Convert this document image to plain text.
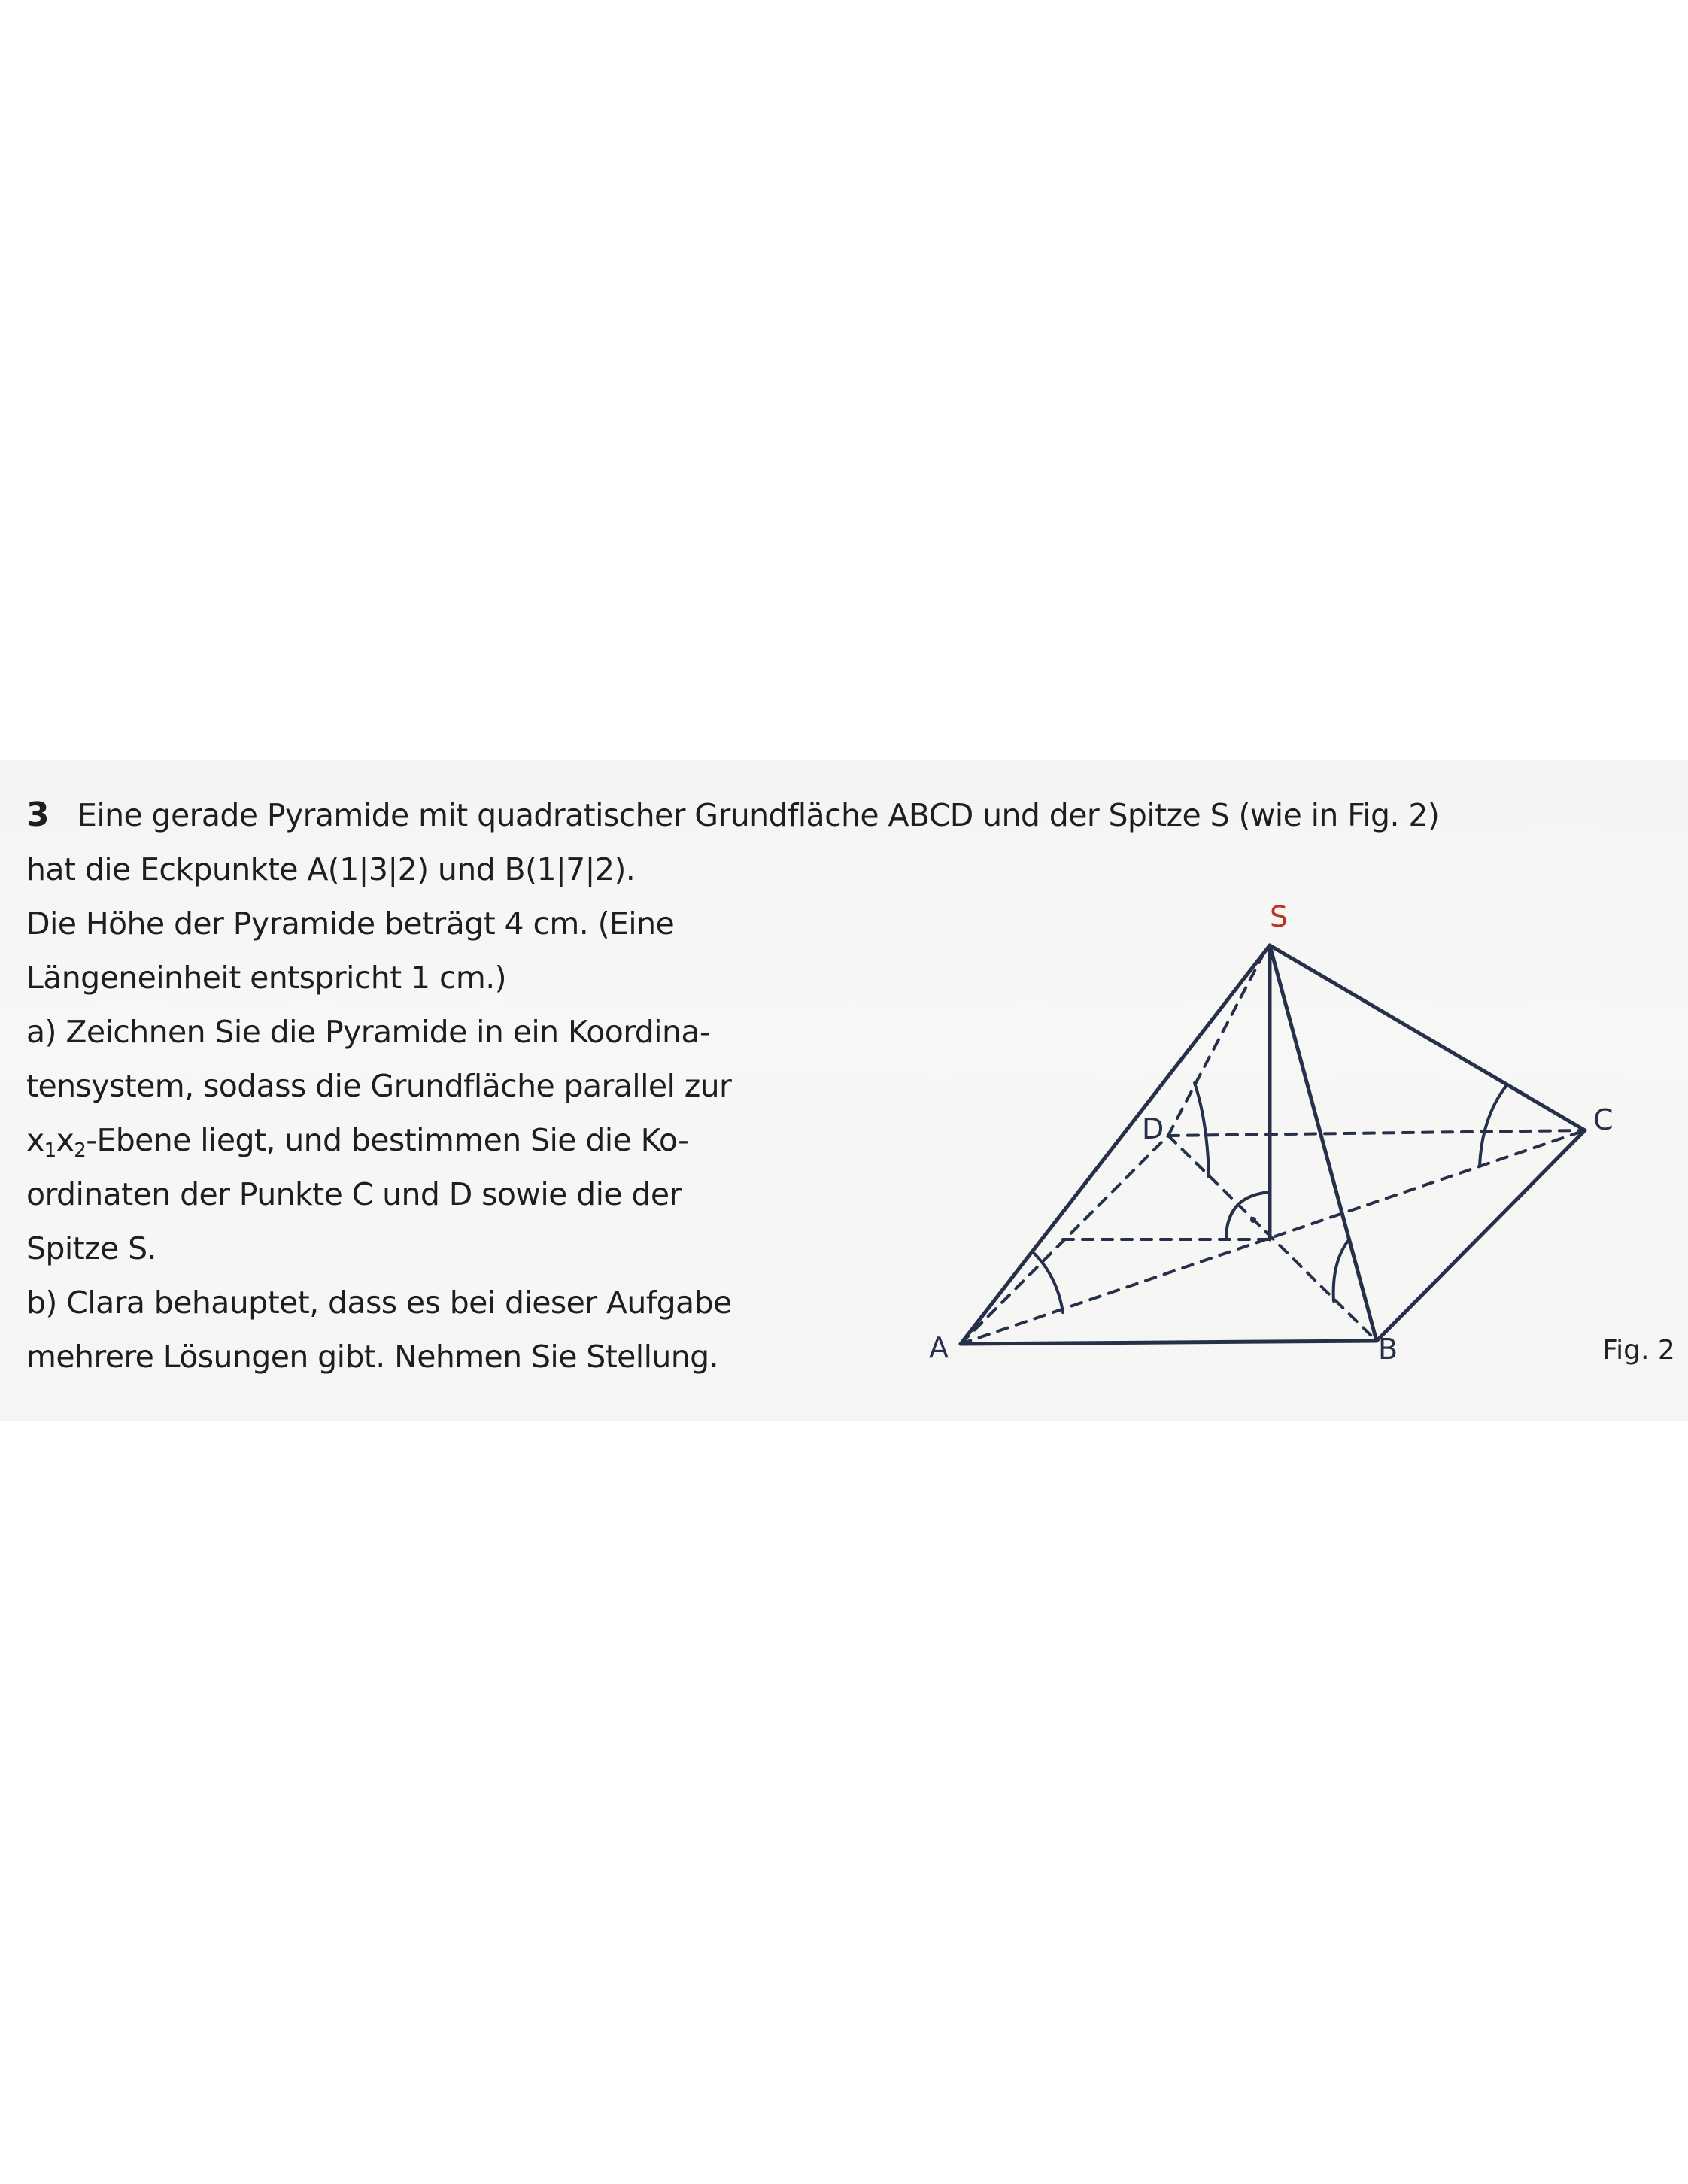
3 Eine gerade Pyramide mit quadratischer Grundfläche ABCD und der Spitze S (wie in Fig. 2)
hat die Eckpunkte A(1|3|2) und B(1|7|2).
Die Höhe der Pyramide beträgt 4 cm. (Eine
Längeneinheit entspricht 1 cm.)
a) Zeichnen Sie die Pyramide in ein Koordina-
tensystem, sodass die Grundfläche parallel zur
$x_1x_2$-Ebene liegt, und bestimmen Sie die Ko-
ordinaten der Punkte C und D sowie die der
Spitze S.
b) Clara behauptet, dass es bei dieser Aufgabe
mehrere Lösungen gibt. Nehmen Sie Stellung.
S
A	B
C
D
Fig. 2
